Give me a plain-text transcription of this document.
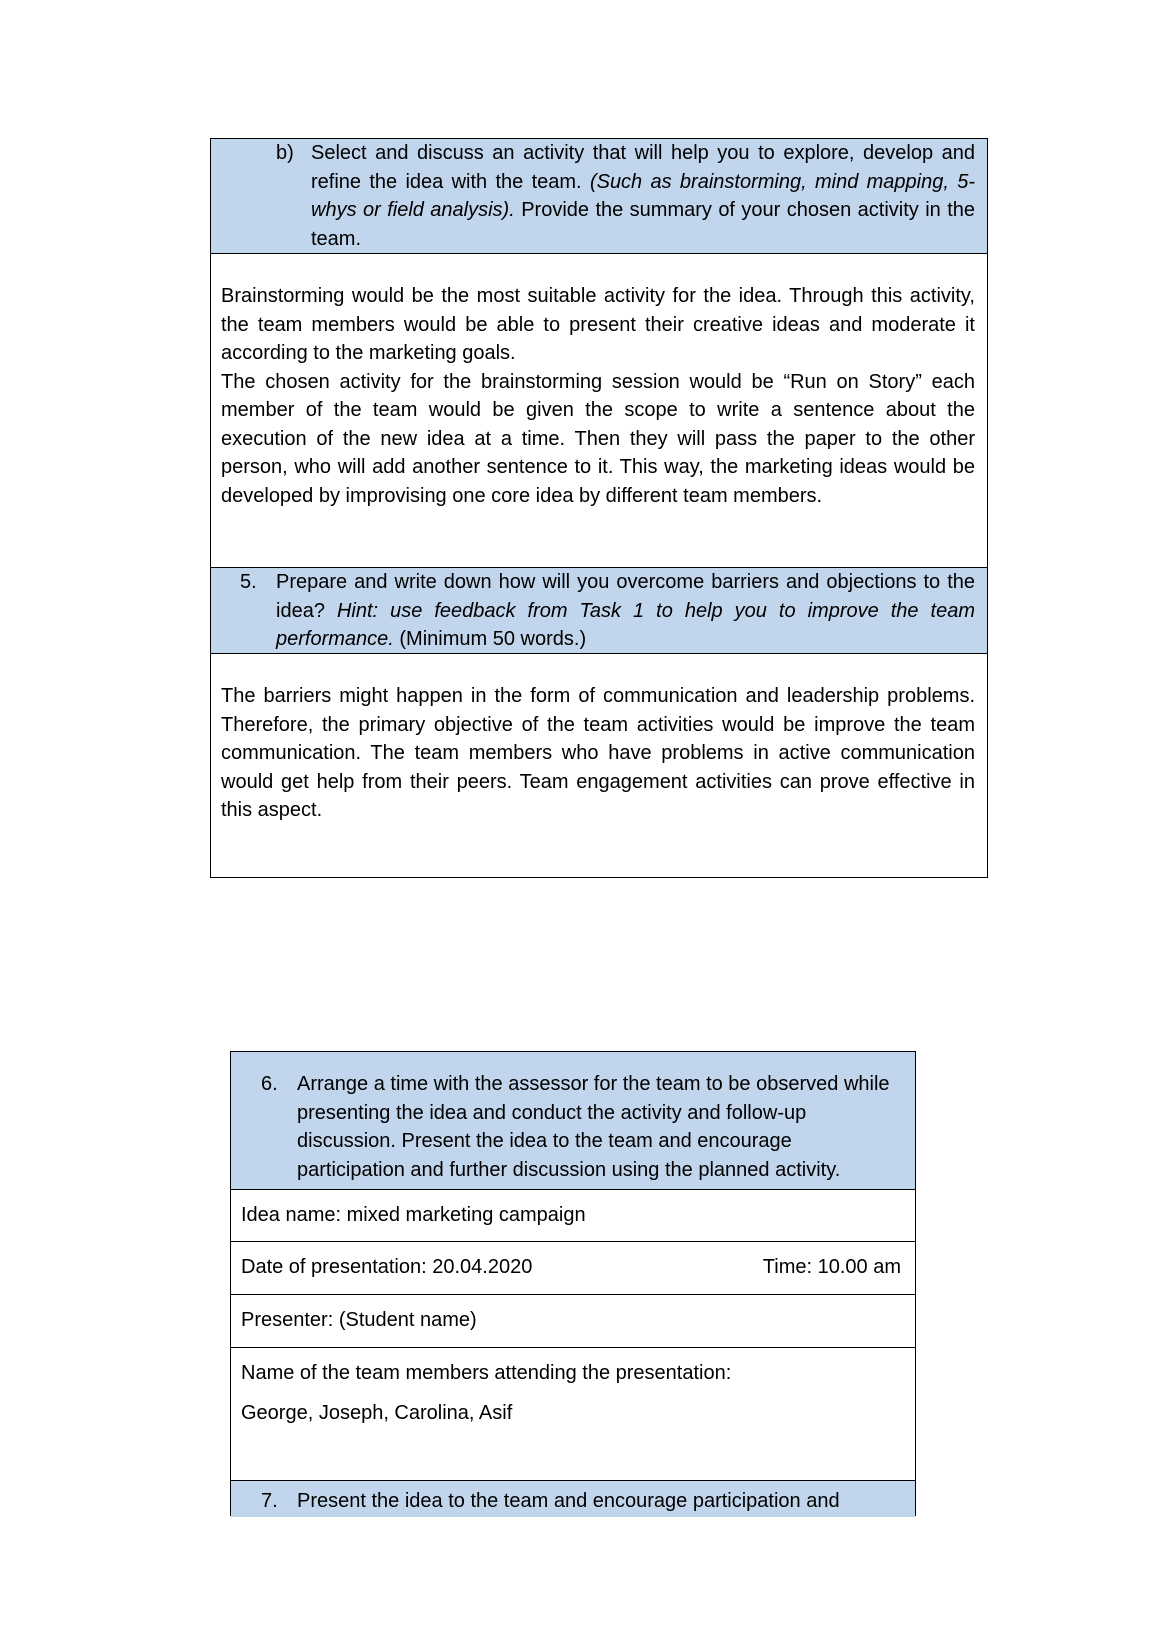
b) Select and discuss an activity that will help you to explore, develop and refine the idea with the team. (Such as brainstorming, mind mapping, 5-whys or field analysis). Provide the summary of your chosen activity in the team.
Brainstorming would be the most suitable activity for the idea. Through this activity, the team members would be able to present their creative ideas and moderate it according to the marketing goals.
The chosen activity for the brainstorming session would be “Run on Story” each member of the team would be given the scope to write a sentence about the execution of the new idea at a time. Then they will pass the paper to the other person, who will add another sentence to it. This way, the marketing ideas would be developed by improvising one core idea by different team members.
5. Prepare and write down how will you overcome barriers and objections to the idea? Hint: use feedback from Task 1 to help you to improve the team performance. (Minimum 50 words.)
The barriers might happen in the form of communication and leadership problems. Therefore, the primary objective of the team activities would be improve the team communication. The team members who have problems in active communication would get help from their peers. Team engagement activities can prove effective in this aspect.
6. Arrange a time with the assessor for the team to be observed while presenting the idea and conduct the activity and follow-up discussion. Present the idea to the team and encourage participation and further discussion using the planned activity.
Idea name: mixed marketing campaign
Date of presentation: 20.04.2020	Time: 10.00 am
Presenter: (Student name)
Name of the team members attending the presentation:
George, Joseph, Carolina, Asif
7. Present the idea to the team and encourage participation and
